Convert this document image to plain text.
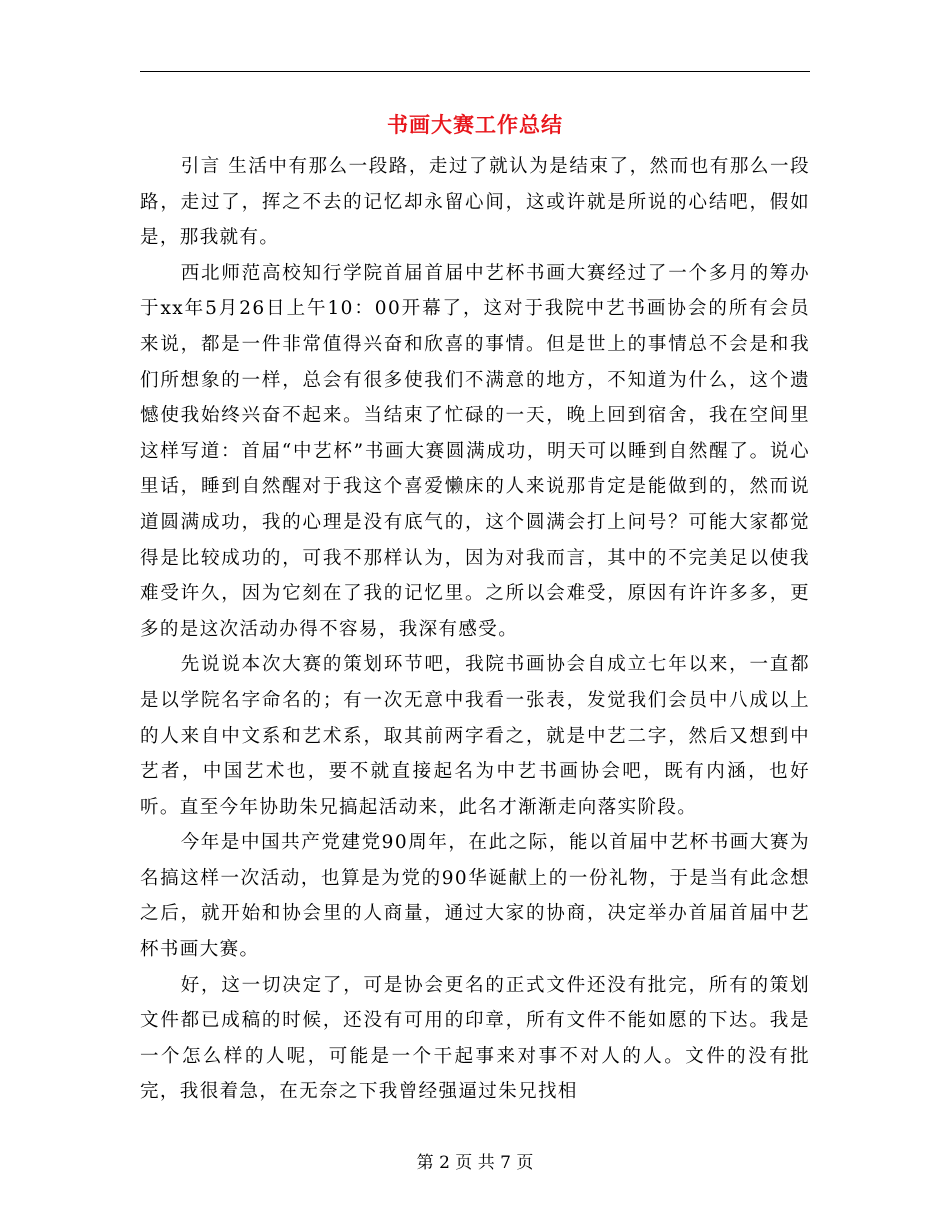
书画大赛工作总结

引言 生活中有那么一段路，走过了就认为是结束了，然而也有那么一段路，走过了，挥之不去的记忆却永留心间，这或许就是所说的心结吧，假如是，那我就有。

西北师范高校知行学院首届首届中艺杯书画大赛经过了一个多月的筹办于xx年5月26日上午10：00开幕了，这对于我院中艺书画协会的所有会员来说，都是一件非常值得兴奋和欣喜的事情。但是世上的事情总不会是和我们所想象的一样，总会有很多使我们不满意的地方，不知道为什么，这个遗憾使我始终兴奋不起来。当结束了忙碌的一天，晚上回到宿舍，我在空间里这样写道：首届“中艺杯”书画大赛圆满成功，明天可以睡到自然醒了。说心里话，睡到自然醒对于我这个喜爱懒床的人来说那肯定是能做到的，然而说道圆满成功，我的心理是没有底气的，这个圆满会打上问号？可能大家都觉得是比较成功的，可我不那样认为，因为对我而言，其中的不完美足以使我难受许久，因为它刻在了我的记忆里。之所以会难受，原因有许许多多，更多的是这次活动办得不容易，我深有感受。

先说说本次大赛的策划环节吧，我院书画协会自成立七年以来，一直都是以学院名字命名的；有一次无意中我看一张表，发觉我们会员中八成以上的人来自中文系和艺术系，取其前两字看之，就是中艺二字，然后又想到中艺者，中国艺术也，要不就直接起名为中艺书画协会吧，既有内涵，也好听。直至今年协助朱兄搞起活动来，此名才渐渐走向落实阶段。

今年是中国共产党建党90周年，在此之际，能以首届中艺杯书画大赛为名搞这样一次活动，也算是为党的90华诞献上的一份礼物，于是当有此念想之后，就开始和协会里的人商量，通过大家的协商，决定举办首届首届中艺杯书画大赛。

好，这一切决定了，可是协会更名的正式文件还没有批完，所有的策划文件都已成稿的时候，还没有可用的印章，所有文件不能如愿的下达。我是一个怎么样的人呢，可能是一个干起事来对事不对人的人。文件的没有批完，我很着急，在无奈之下我曾经强逼过朱兄找相

第 2 页 共 7 页
